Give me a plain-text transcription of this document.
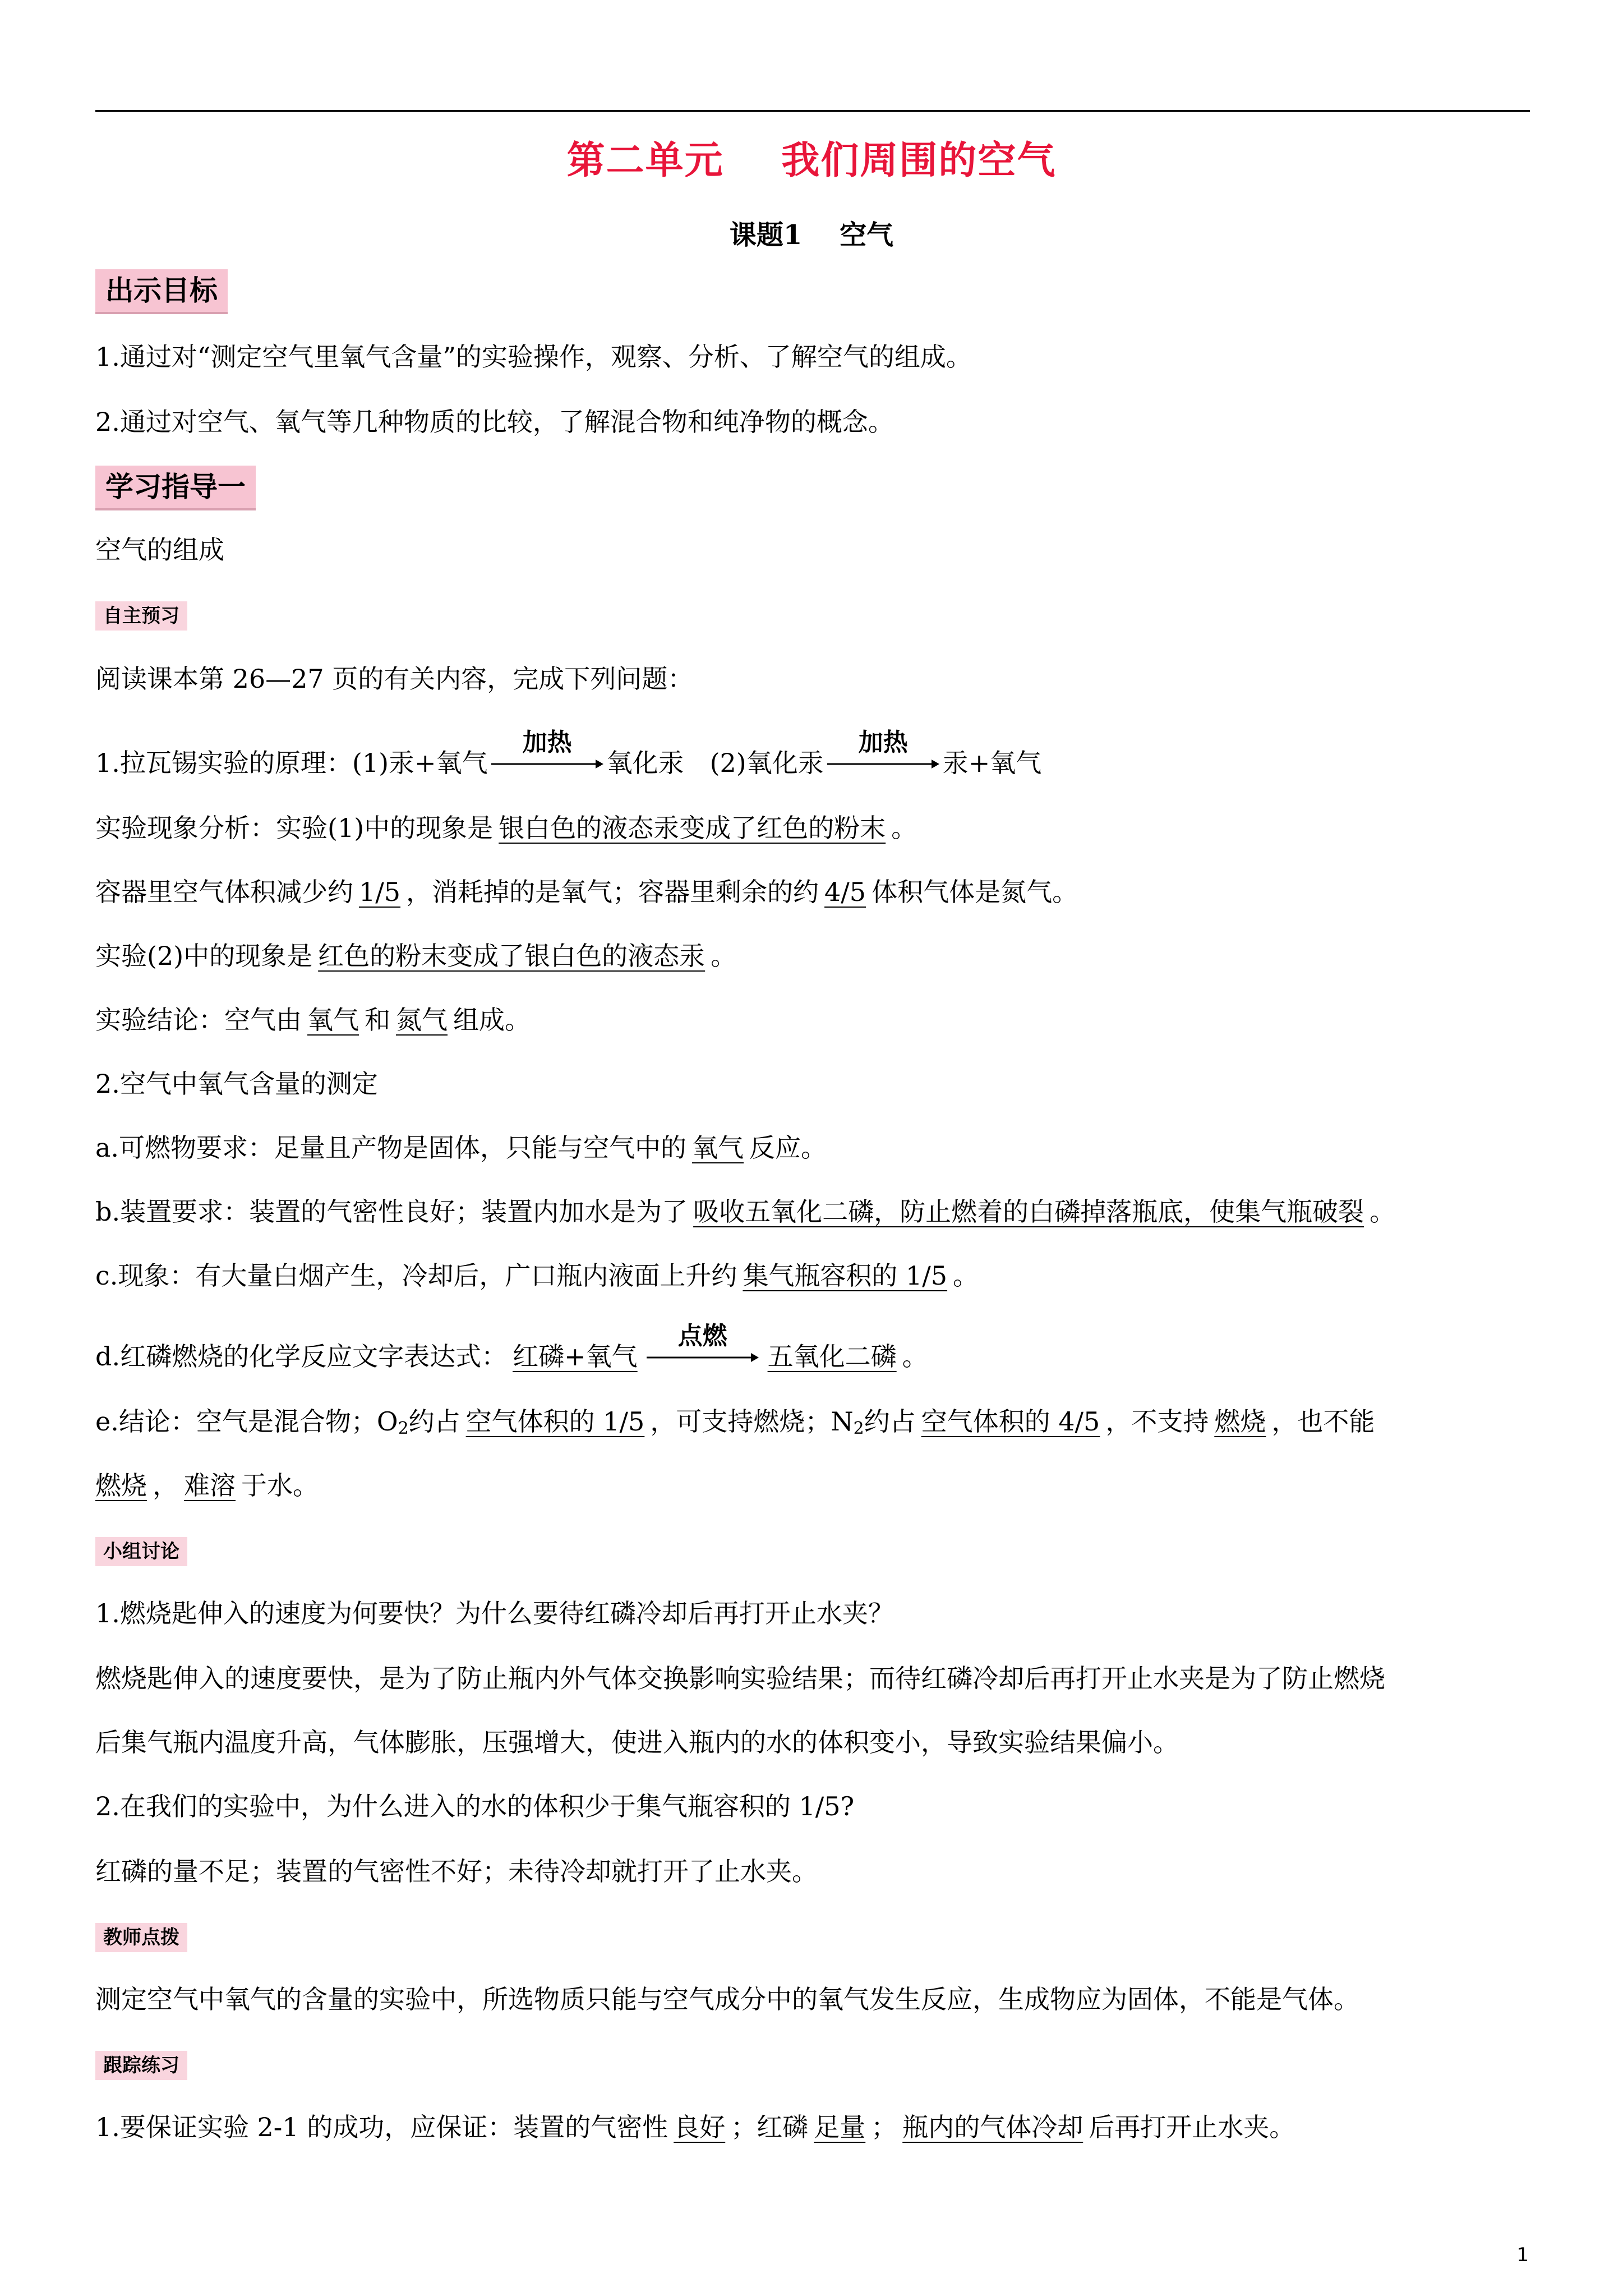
第二单元    我们周围的空气
课题1    空气
出示目标
1.通过对“测定空气里氧气含量”的实验操作，观察、分析、了解空气的组成。
2.通过对空气、氧气等几种物质的比较，了解混合物和纯净物的概念。
学习指导一
空气的组成
自主预习
阅读课本第 26—27 页的有关内容，完成下列问题：
1.拉瓦锡实验的原理：(1)汞+氧气
加热
氧化汞　(2)氧化汞
加热
汞+氧气
实验现象分析：实验(1)中的现象是 银白色的液态汞变成了红色的粉末 。
容器里空气体积减少约 1/5 ，消耗掉的是氧气；容器里剩余的约 4/5 体积气体是氮气。
实验(2)中的现象是 红色的粉末变成了银白色的液态汞 。
实验结论：空气由 氧气 和 氮气 组成。
2.空气中氧气含量的测定
a.可燃物要求：足量且产物是固体，只能与空气中的 氧气 反应。
b.装置要求：装置的气密性良好；装置内加水是为了 吸收五氧化二磷，防止燃着的白磷掉落瓶底，使集气瓶破裂 。
c.现象：有大量白烟产生，冷却后，广口瓶内液面上升约 集气瓶容积的 1/5 。
d.红磷燃烧的化学反应文字表达式： 红磷+氧气
点燃
五氧化二磷 。
e.结论：空气是混合物；$O_2$约占 空气体积的 1/5 ，可支持燃烧；$N_2$约占 空气体积的 4/5 ，不支持 燃烧 ，也不能
燃烧 ， 难溶 于水。
小组讨论
1.燃烧匙伸入的速度为何要快？为什么要待红磷冷却后再打开止水夹？
燃烧匙伸入的速度要快，是为了防止瓶内外气体交换影响实验结果；而待红磷冷却后再打开止水夹是为了防止燃烧
后集气瓶内温度升高，气体膨胀，压强增大，使进入瓶内的水的体积变小，导致实验结果偏小。
2.在我们的实验中，为什么进入的水的体积少于集气瓶容积的 1/5?
红磷的量不足；装置的气密性不好；未待冷却就打开了止水夹。
教师点拨
测定空气中氧气的含量的实验中，所选物质只能与空气成分中的氧气发生反应，生成物应为固体，不能是气体。
跟踪练习
1.要保证实验 2-1 的成功，应保证：装置的气密性 良好 ；红磷 足量 ； 瓶内的气体冷却 后再打开止水夹。
1
